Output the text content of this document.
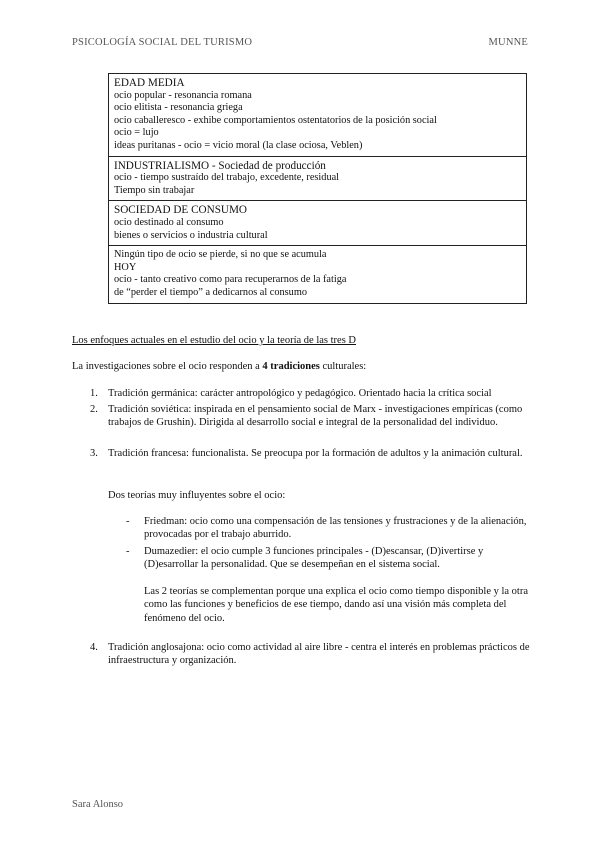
PSICOLOGÍA SOCIAL DEL TURISMO	MUNNE
EDAD MEDIA
ocio popular - resonancia romana
ocio elitista - resonancia griega
ocio caballeresco - exhibe comportamientos ostentatorios de la posición social
ocio = lujo
ideas puritanas - ocio = vicio moral (la clase ociosa, Veblen)
INDUSTRIALISMO - Sociedad de producción
ocio - tiempo sustraído del trabajo, excedente, residual
Tiempo sin trabajar
SOCIEDAD DE CONSUMO
ocio destinado al consumo
bienes o servicios o industria cultural
Ningún tipo de ocio se pierde, si no que se acumula
HOY
ocio - tanto creativo como para recuperarnos de la fatiga
de “perder el tiempo” a dedicarnos al consumo
Los enfoques actuales en el estudio del ocio y la teoría de las tres D
La investigaciones sobre el ocio responden a 4 tradiciones culturales:
1. Tradición germánica: carácter antropológico y pedagógico. Orientado hacia la crítica social
2. Tradición soviética: inspirada en el pensamiento social de Marx - investigaciones empíricas (como trabajos de Grushin). Dirigida al desarrollo social e integral de la personalidad del individuo.
3. Tradición francesa: funcionalista. Se preocupa por la formación de adultos y la animación cultural.
Dos teorías muy influyentes sobre el ocio:
- Friedman: ocio como una compensación de las tensiones y frustraciones y de la alienación, provocadas por el trabajo aburrido.
- Dumazedier: el ocio cumple 3 funciones principales - (D)escansar, (D)ivertirse y (D)esarrollar la personalidad. Que se desempeñan en el sistema social.
Las 2 teorías se complementan porque una explica el ocio como tiempo disponible y la otra como las funciones y beneficios de ese tiempo, dando así una visión más completa del fenómeno del ocio.
4. Tradición anglosajona: ocio como actividad al aire libre - centra el interés en problemas prácticos de infraestructura y organización.
Sara Alonso
